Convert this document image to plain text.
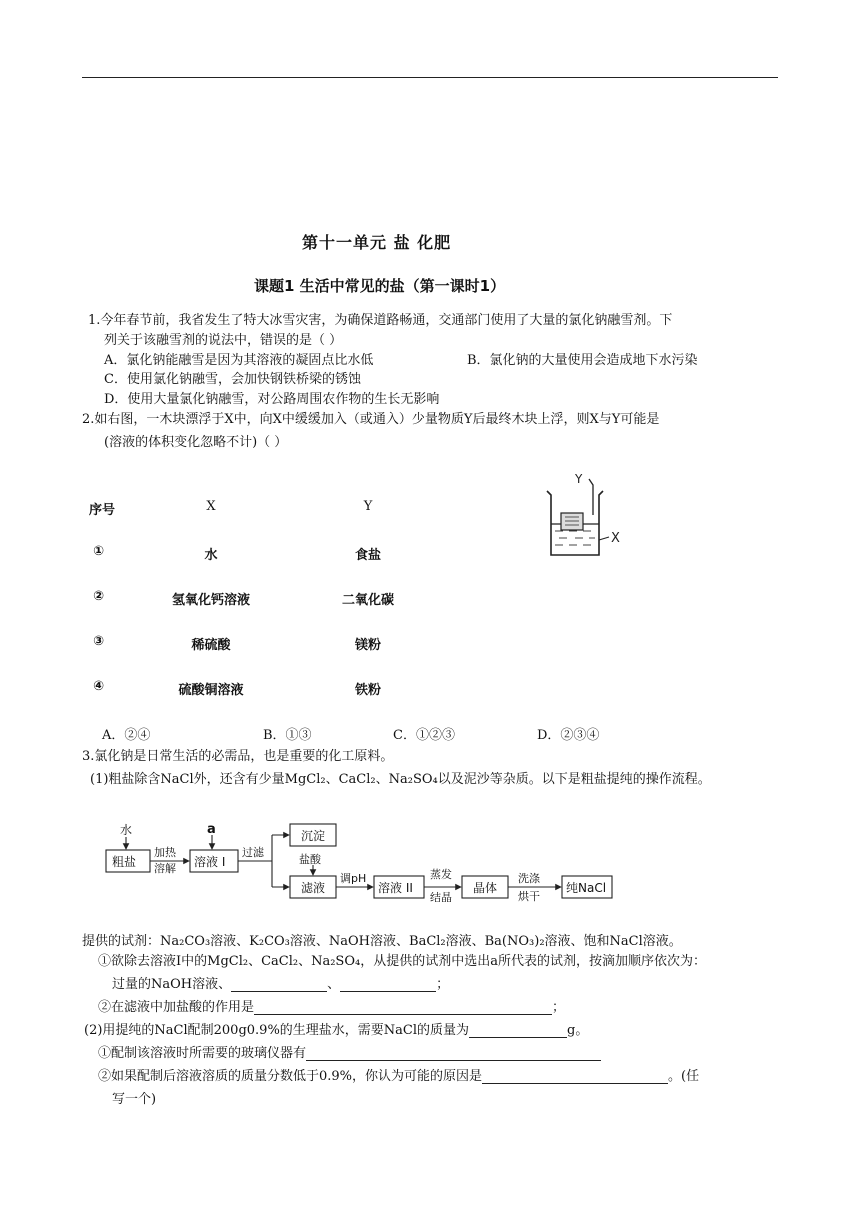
第十一单元 盐 化肥
课题1 生活中常见的盐（第一课时1）
1.今年春节前，我省发生了特大冰雪灾害，为确保道路畅通，交通部门使用了大量的氯化钠融雪剂。下
列关于该融雪剂的说法中，错误的是（ ）
A．氯化钠能融雪是因为其溶液的凝固点比水低	B．氯化钠的大量使用会造成地下水污染
C．使用氯化钠融雪，会加快钢铁桥梁的锈蚀
D．使用大量氯化钠融雪，对公路周围农作物的生长无影响
2.如右图，一木块漂浮于X中，向X中缓缓加入（或通入）少量物质Y后最终木块上浮，则X与Y可能是
(溶液的体积变化忽略不计)（ ）
序号	X	Y
①	水	食盐
②	氢氧化钙溶液	二氧化碳
③	稀硫酸	镁粉
④	硫酸铜溶液	铁粉
Y
X
A．②④	B．①③	C．①②③	D．②③④
3.氯化钠是日常生活的必需品，也是重要的化工原料。
(1)粗盐除含NaCl外，还含有少量MgCl₂、CaCl₂、Na₂SO₄以及泥沙等杂质。以下是粗盐提纯的操作流程。
水
粗盐
加热
溶解
a
溶液 I
过滤
沉淀
盐酸
滤液
调pH
溶液 II
蒸发
结晶
晶体
洗涤
烘干
纯NaCl
提供的试剂：Na₂CO₃溶液、K₂CO₃溶液、NaOH溶液、BaCl₂溶液、Ba(NO₃)₂溶液、饱和NaCl溶液。
①欲除去溶液I中的MgCl₂、CaCl₂、Na₂SO₄，从提供的试剂中选出a所代表的试剂，按滴加顺序依次为：
过量的NaOH溶液、	、	；
②在滤液中加盐酸的作用是	；
(2)用提纯的NaCl配制200g0.9%的生理盐水，需要NaCl的质量为	g。
①配制该溶液时所需要的玻璃仪器有
②如果配制后溶液溶质的质量分数低于0.9%，你认为可能的原因是	。(任
写一个)
